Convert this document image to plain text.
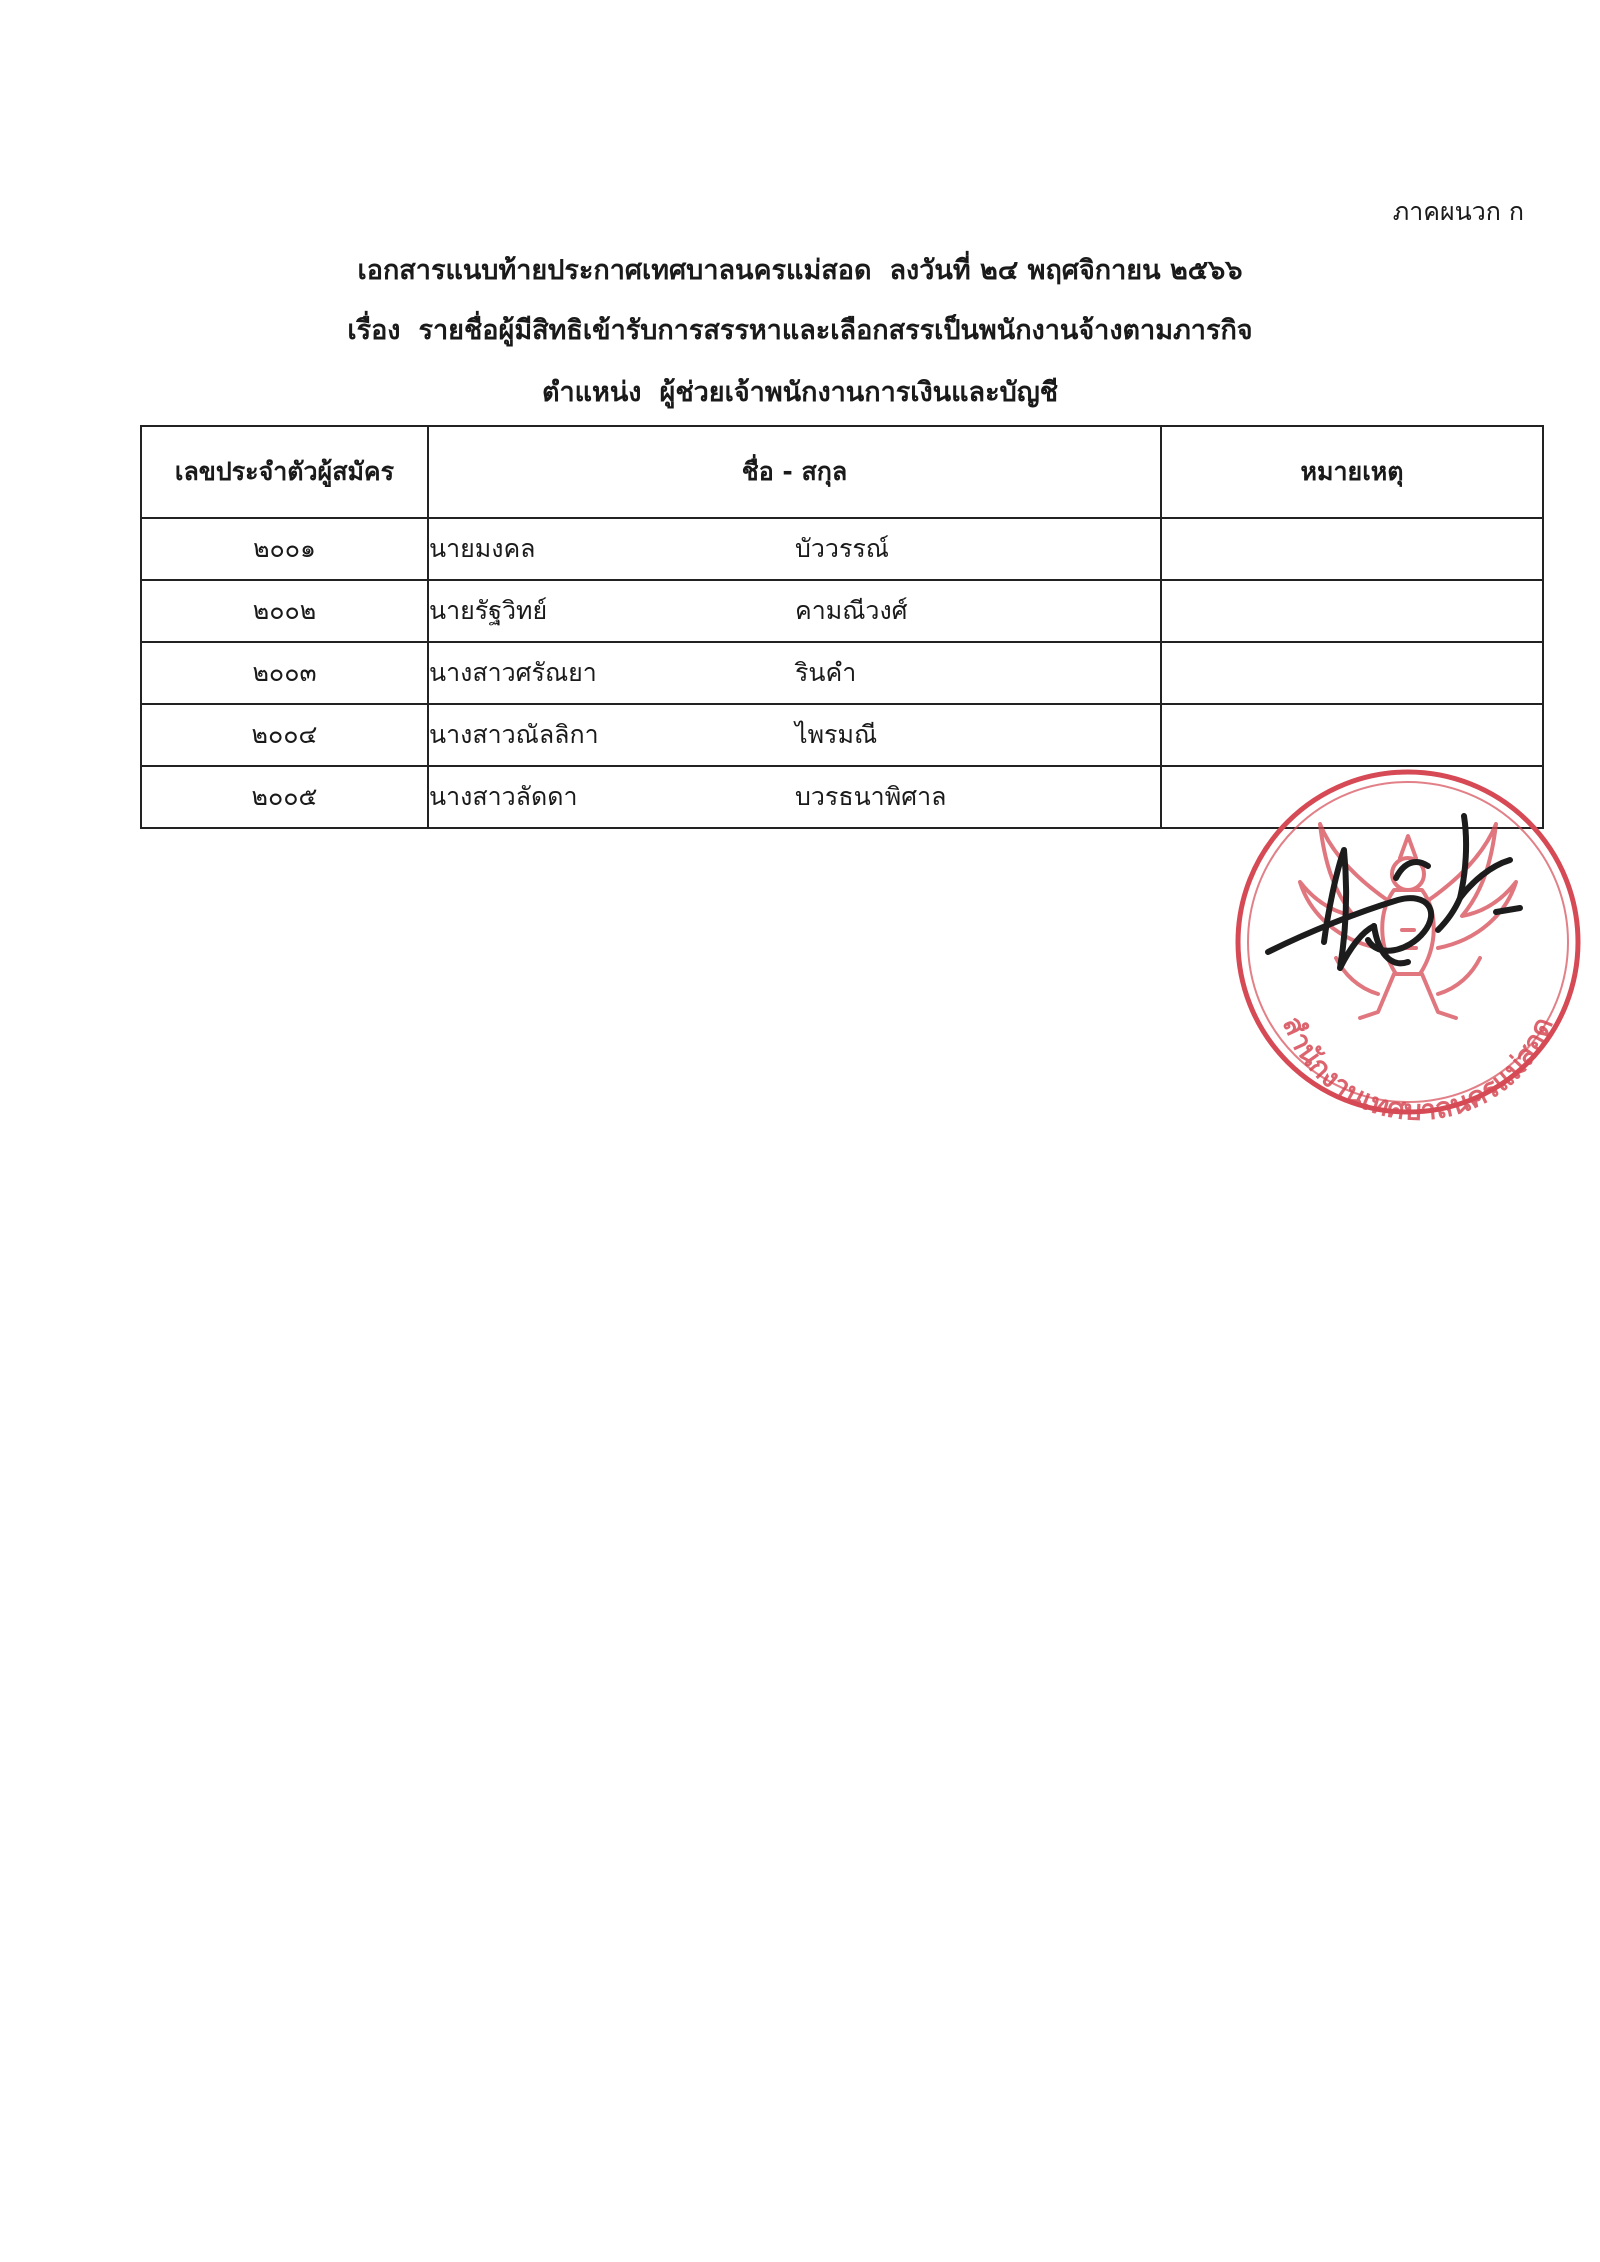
ภาคผนวก ก
เอกสารแนบท้ายประกาศเทศบาลนครแม่สอด ลงวันที่ ๒๔ พฤศจิกายน ๒๕๖๖
เรื่อง รายชื่อผู้มีสิทธิเข้ารับการสรรหาและเลือกสรรเป็นพนักงานจ้างตามภารกิจ
ตำแหน่ง ผู้ช่วยเจ้าพนักงานการเงินและบัญชี
เลขประจำตัวผู้สมัคร	ชื่อ - สกุล	หมายเหตุ
๒๐๐๑	นายมงคล บัววรรณ์	
๒๐๐๒	นายรัฐวิทย์ คามณีวงศ์	
๒๐๐๓	นางสาวศรัณยา รินคำ	
๒๐๐๔	นางสาวณัลลิกา ไพรมณี	
๒๐๐๕	นางสาวลัดดา บวรธนาพิศาล	
สำนักงานเทศบาลนครแม่สอด
